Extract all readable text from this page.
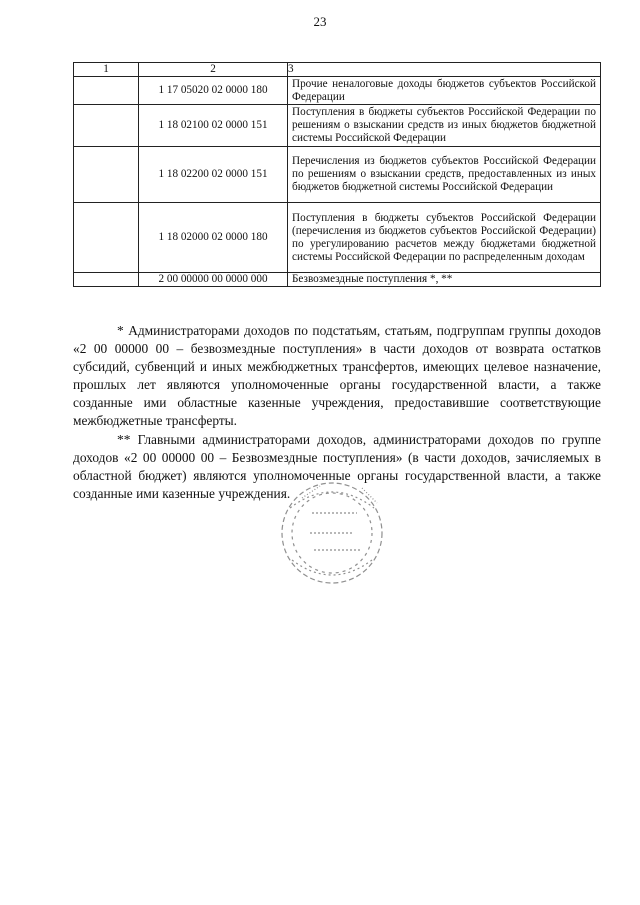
23
1	2	3
	1 17 05020 02 0000 180	Прочие неналоговые доходы бюджетов субъектов Российской Федерации
	1 18 02100 02 0000 151	Поступления в бюджеты субъектов Российской Федерации по решениям о взыскании средств из иных бюджетов бюджетной системы Российской Федерации
	1 18 02200 02 0000 151	Перечисления из бюджетов субъектов Российской Федерации по решениям о взыскании средств, предоставленных из иных бюджетов бюджетной системы Российской Федерации
	1 18 02000 02 0000 180	Поступления в бюджеты субъектов Российской Федерации (перечисления из бюджетов субъектов Российской Федерации) по урегулированию расчетов между бюджетами бюджетной системы Российской Федерации по распределенным доходам
	2 00 00000 00 0000 000	Безвозмездные поступления *, **

* Администраторами доходов по подстатьям, статьям, подгруппам группы доходов «2 00 00000 00 – безвозмездные поступления» в части доходов от возврата остатков субсидий, субвенций и иных межбюджетных трансфертов, имеющих целевое назначение, прошлых лет являются уполномоченные органы государственной власти, а также созданные ими областные казенные учреждения, предоставившие соответствующие межбюджетные трансферты.

** Главными администраторами доходов, администраторами доходов по группе доходов «2 00 00000 00 – Безвозмездные поступления» (в части доходов, зачисляемых в областной бюджет) являются уполномоченные органы государственной власти, а также созданные ими казенные учреждения.
